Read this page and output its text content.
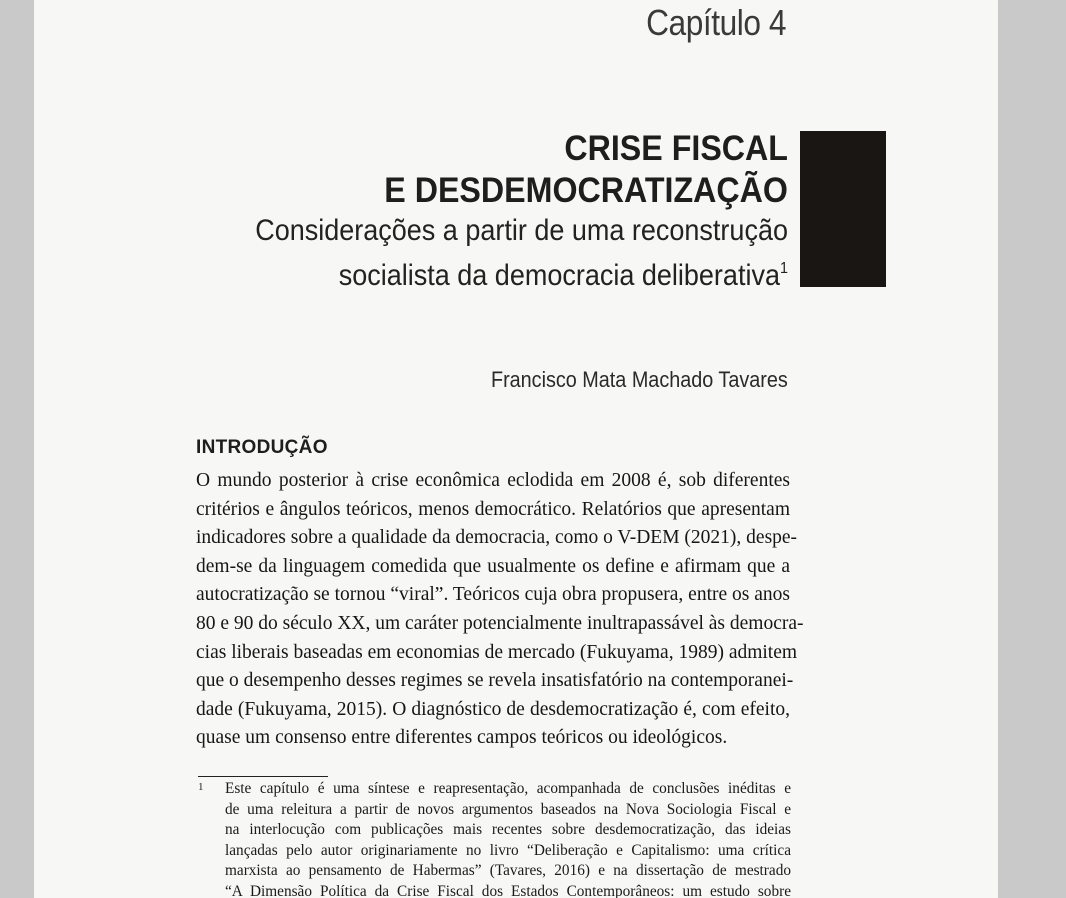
Capítulo 4
CRISE FISCAL
E DESDEMOCRATIZAÇÃO
Considerações a partir de uma reconstrução
socialista da democracia deliberativa$^1$
Francisco Mata Machado Tavares
INTRODUÇÃO
O mundo posterior à crise econômica eclodida em 2008 é, sob diferentes
critérios e ângulos teóricos, menos democrático. Relatórios que apresentam
indicadores sobre a qualidade da democracia, como o V-DEM (2021), despe-
dem-se da linguagem comedida que usualmente os define e afirmam que a
autocratização se tornou “viral”. Teóricos cuja obra propusera, entre os anos
80 e 90 do século XX, um caráter potencialmente inultrapassável às democra-
cias liberais baseadas em economias de mercado (Fukuyama, 1989) admitem
que o desempenho desses regimes se revela insatisfatório na contemporanei-
dade (Fukuyama, 2015). O diagnóstico de desdemocratização é, com efeito,
quase um consenso entre diferentes campos teóricos ou ideológicos.
1 Este capítulo é uma síntese e reapresentação, acompanhada de conclusões inéditas e
de uma releitura a partir de novos argumentos baseados na Nova Sociologia Fiscal e
na interlocução com publicações mais recentes sobre desdemocratização, das ideias
lançadas pelo autor originariamente no livro “Deliberação e Capitalismo: uma crítica
marxista ao pensamento de Habermas” (Tavares, 2016) e na dissertação de mestrado
“A Dimensão Política da Crise Fiscal dos Estados Contemporâneos: um estudo sobre
